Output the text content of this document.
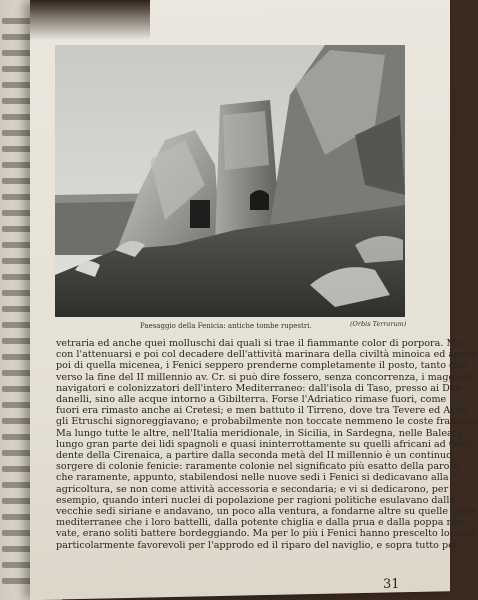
Paesaggio della Fenicia: antiche tombe rupestri.	(Orbis Terrarum)
vetraria ed anche quei molluschi dai quali si trae il fiammante color di porpora. Ma
con l'attenuarsi e poi col decadere dell'attività marinara della civiltà minoica ed anche
poi di quella micenea, i Fenici seppero prenderne completamente il posto, tanto che
verso la fine del II millennio av. Cr. si può dire fossero, senza concorrenza, i maggiori
navigatori e colonizzatori dell'intero Mediterraneo: dall'isola di Taso, presso ai Dar-
danelli, sino alle acque intorno a Gibilterra. Forse l'Adriatico rimase fuori, come
fuori era rimasto anche ai Cretesi; e men battuto il Tirreno, dove tra Tevere ed Arno
gli Etruschi signoreggiavano; e probabilmente non toccate nemmeno le coste francesi.
Ma lungo tutte le altre, nell'Italia meridionale, in Sicilia, in Sardegna, nelle Baleari,
lungo gran parte dei lidi spagnoli e quasi ininterrottamente su quelli africani ad Occi-
dente della Cirenaica, a partire dalla seconda metà del II millennio è un continuo
sorgere di colonie fenicie: raramente colonie nel significato più esatto della parola,
che raramente, appunto, stabilendosi nelle nuove sedi i Fenici si dedicavano alla
agricoltura, se non come attività accessoria e secondaria; e vi si dedicarono, per
esempio, quando interi nuclei di popolazione per ragioni politiche esulavano dalle
vecchie sedi siriane e andavano, un poco alla ventura, a fondarne altre su quelle coste
mediterranee che i loro battelli, dalla potente chiglia e dalla prua e dalla poppa rile-
vate, erano soliti battere bordeggiando. Ma per lo più i Fenici hanno prescelto località
particolarmente favorevoli per l'approdo ed il riparo del naviglio, e sopra tutto per
31
